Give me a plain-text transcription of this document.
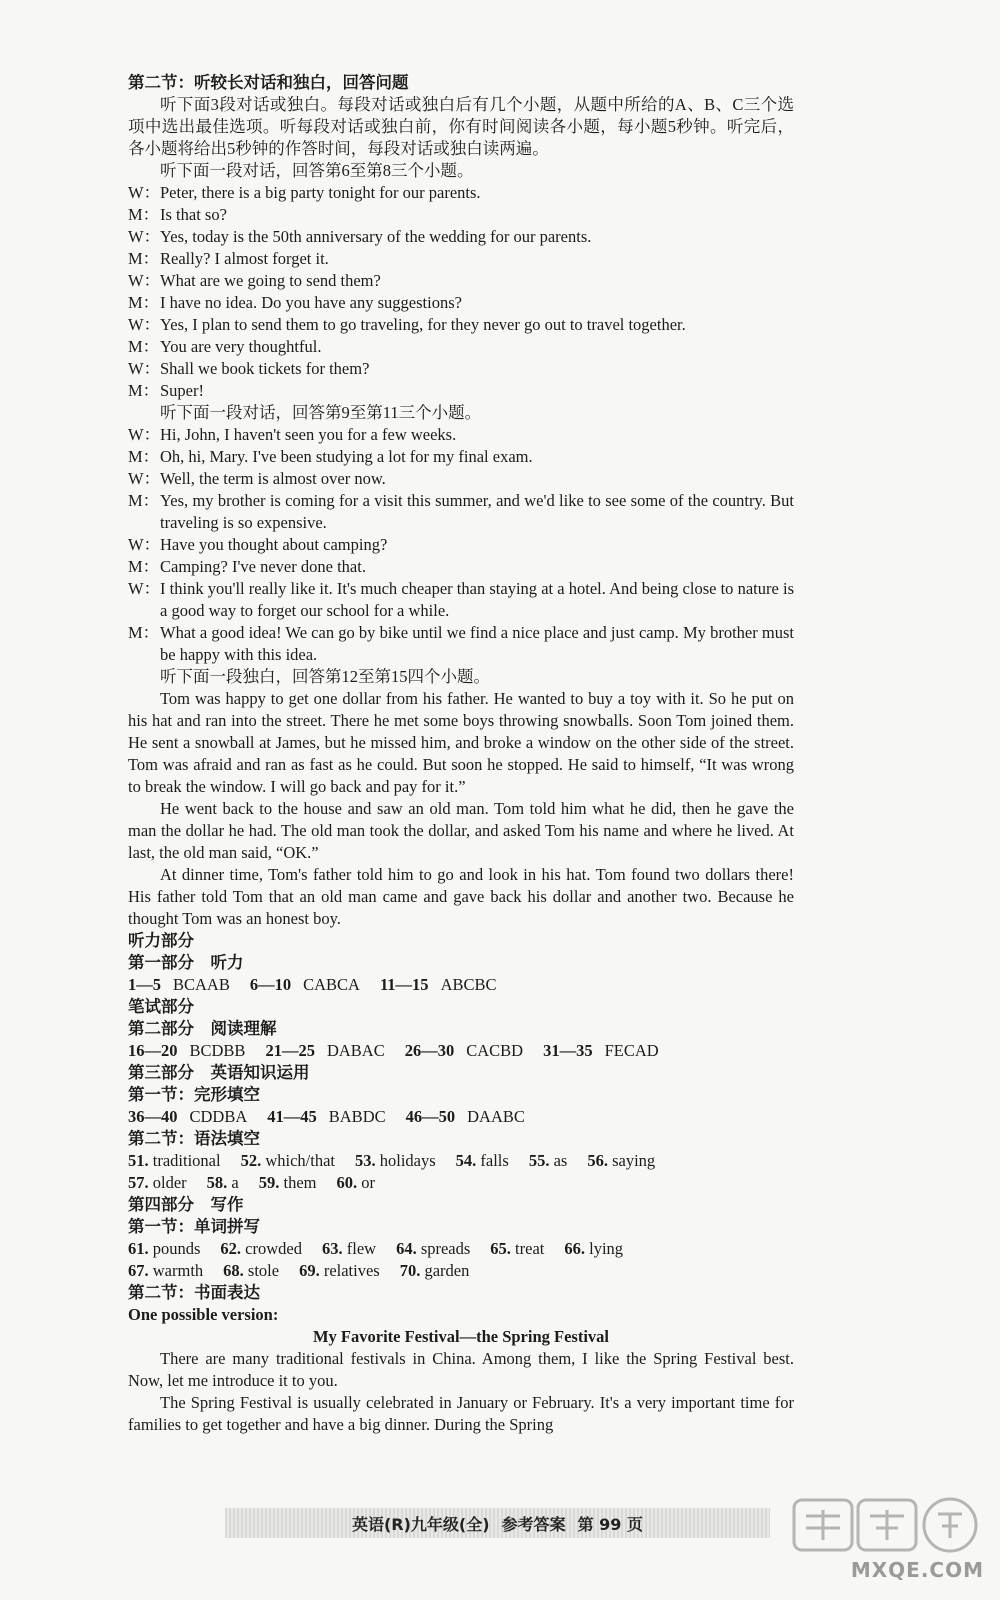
第二节：听较长对话和独白，回答问题
听下面3段对话或独白。每段对话或独白后有几个小题，从题中所给的A、B、C三个选项中选出最佳选项。听每段对话或独白前，你有时间阅读各小题，每小题5秒钟。听完后，各小题将给出5秒钟的作答时间，每段对话或独白读两遍。
听下面一段对话，回答第6至第8三个小题。
W： Peter, there is a big party tonight for our parents.
M： Is that so?
W： Yes, today is the 50th anniversary of the wedding for our parents.
M： Really? I almost forget it.
W： What are we going to send them?
M： I have no idea. Do you have any suggestions?
W： Yes, I plan to send them to go traveling, for they never go out to travel together.
M： You are very thoughtful.
W： Shall we book tickets for them?
M： Super!
听下面一段对话，回答第9至第11三个小题。
W： Hi, John, I haven't seen you for a few weeks.
M： Oh, hi, Mary. I've been studying a lot for my final exam.
W： Well, the term is almost over now.
M： Yes, my brother is coming for a visit this summer, and we'd like to see some of the country. But traveling is so expensive.
W： Have you thought about camping?
M： Camping? I've never done that.
W： I think you'll really like it. It's much cheaper than staying at a hotel. And being close to nature is a good way to forget our school for a while.
M： What a good idea! We can go by bike until we find a nice place and just camp. My brother must be happy with this idea.
听下面一段独白，回答第12至第15四个小题。
Tom was happy to get one dollar from his father. He wanted to buy a toy with it. So he put on his hat and ran into the street. There he met some boys throwing snowballs. Soon Tom joined them. He sent a snowball at James, but he missed him, and broke a window on the other side of the street. Tom was afraid and ran as fast as he could. But soon he stopped. He said to himself, “It was wrong to break the window. I will go back and pay for it.”
He went back to the house and saw an old man. Tom told him what he did, then he gave the man the dollar he had. The old man took the dollar, and asked Tom his name and where he lived. At last, the old man said, “OK.”
At dinner time, Tom's father told him to go and look in his hat. Tom found two dollars there! His father told Tom that an old man came and gave back his dollar and another two. Because he thought Tom was an honest boy.
听力部分
第一部分　听力
1—5 BCAAB 6—10 CABCA 11—15 ABCBC
笔试部分
第二部分　阅读理解
16—20 BCDBB 21—25 DABAC 26—30 CACBD 31—35 FECAD
第三部分　英语知识运用
第一节：完形填空
36—40 CDDBA 41—45 BABDC 46—50 DAABC
第二节：语法填空
51. traditional 52. which/that 53. holidays 54. falls 55. as 56. saying
57. older 58. a 59. them 60. or
第四部分　写作
第一节：单词拼写
61. pounds 62. crowded 63. flew 64. spreads 65. treat 66. lying
67. warmth 68. stole 69. relatives 70. garden
第二节：书面表达
One possible version:
My Favorite Festival—the Spring Festival
There are many traditional festivals in China. Among them, I like the Spring Festival best. Now, let me introduce it to you.
The Spring Festival is usually celebrated in January or February. It's a very important time for families to get together and have a big dinner. During the Spring
英语(R)九年级(全) 参考答案 第 99 页
MXQE.COM
